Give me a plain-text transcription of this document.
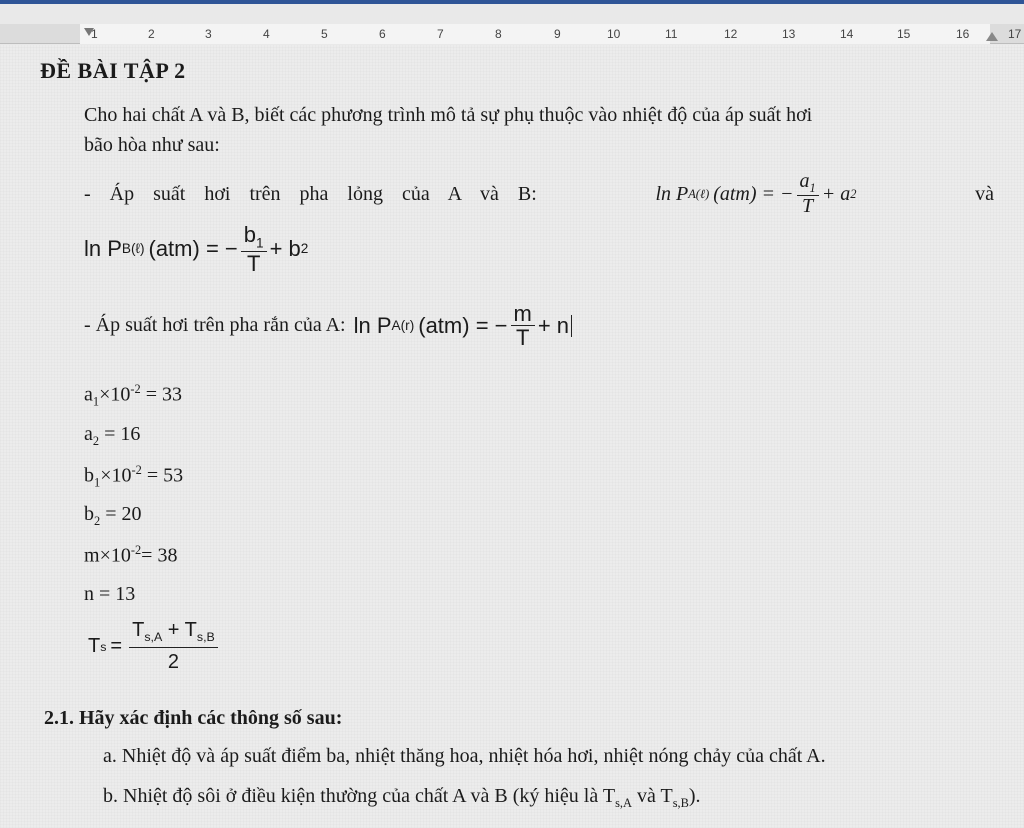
1	2	3	4	5	6	7	8	9	10	11	12	13	14	15	16	17
ĐỀ BÀI TẬP 2
Cho hai chất A và B, biết các phương trình mô tả sự phụ thuộc vào nhiệt độ của áp suất hơi
bão hòa như sau:
- Áp suất hơi trên pha lỏng của A và B:	ln
P A(ℓ) (atm) = − $\frac{a_1}{T} + a$ 2	và
ln P B(ℓ) (atm) = − $\frac{b_1}{T} + b$ 2
- Áp suất hơi trên pha rắn của A: ln P A(r) (atm) = − $\frac{m}{T} + n$
$a_1\times 10^{-2} = 33$
$a_2 = 16$
$b_1\times 10^{-2} = 53$
$b_2 = 20$
$m\times 10^{-2}= 38$
n = 13
T $s = \frac{T_{s,A} + T_{s,B}}{2}$
2.1. Hãy xác định các thông số sau:
a. Nhiệt độ và áp suất điểm ba, nhiệt thăng hoa, nhiệt hóa hơi, nhiệt nóng chảy của chất A.
b. Nhiệt độ sôi ở điều kiện thường của chất A và B (ký hiệu là $T_{s,A}$ và $T_{s,B}$).
